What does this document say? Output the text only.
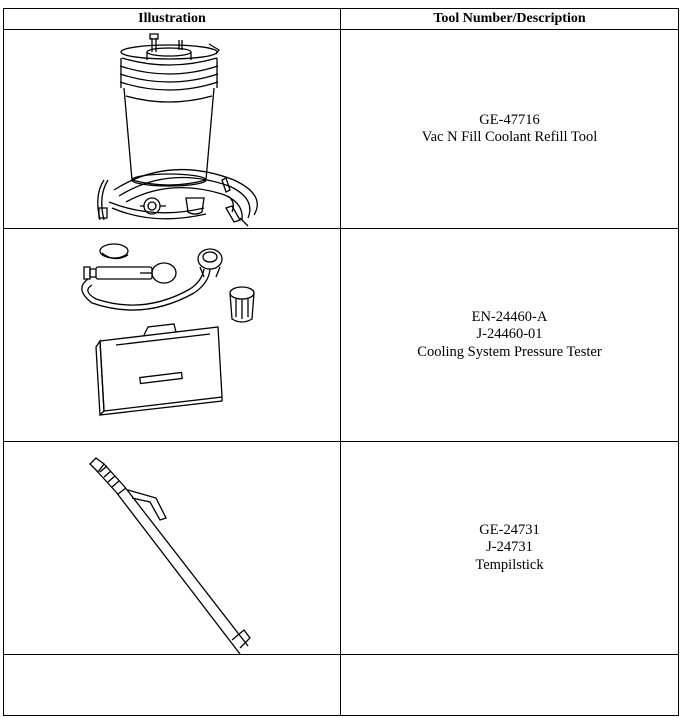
Illustration	Tool Number/Description

GE-47716
Vac N Fill Coolant Refill Tool

EN-24460-A
J-24460-01
Cooling System Pressure Tester

GE-24731
J-24731
Tempilstick
